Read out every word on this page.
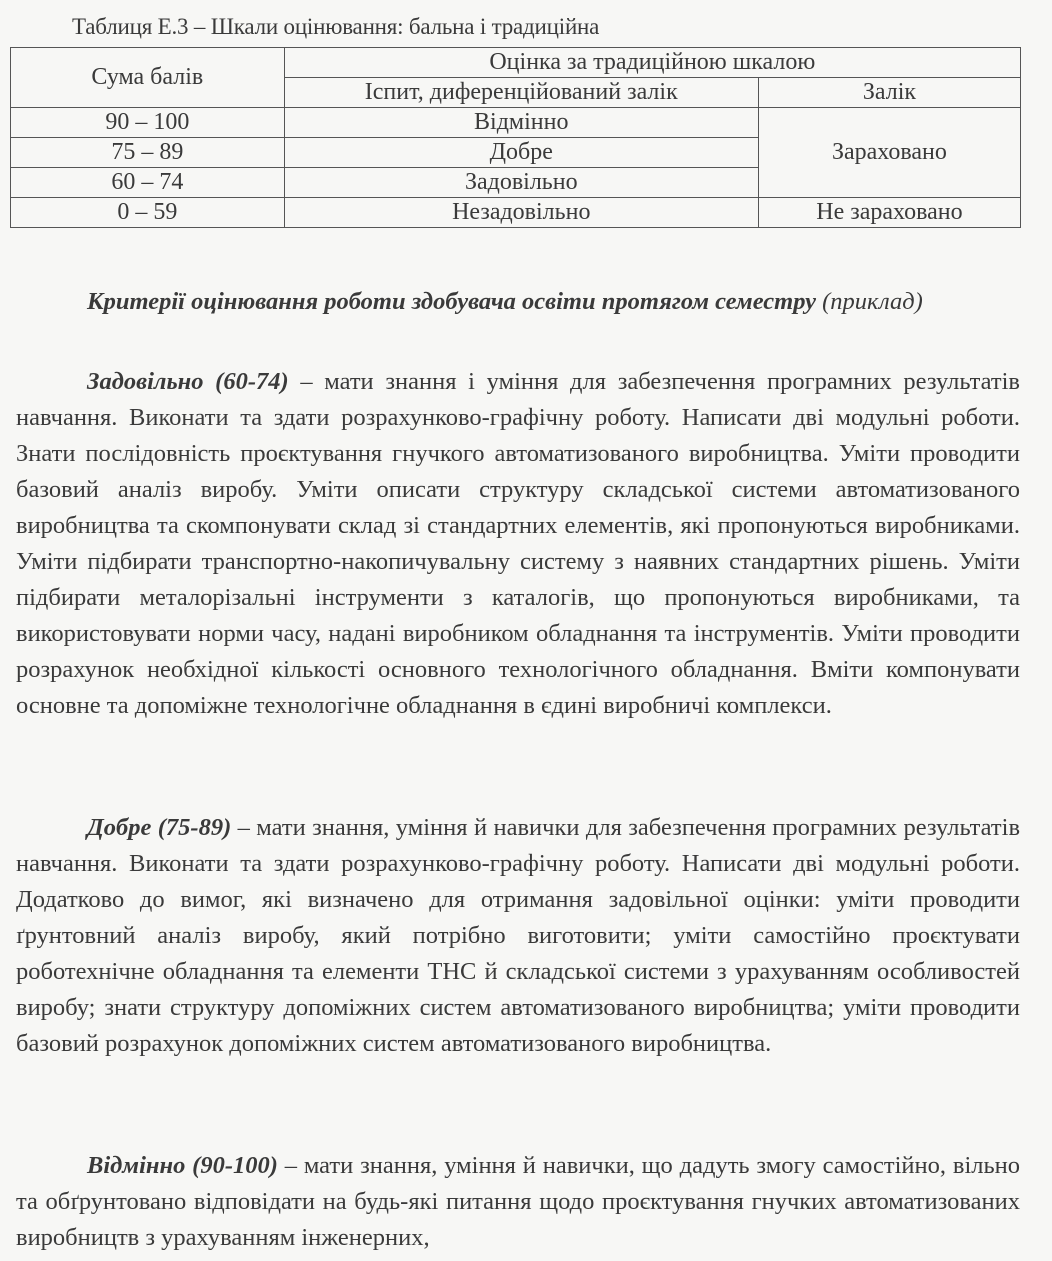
Таблиця Е.3 – Шкали оцінювання: бальна і традиційна
Сума балів	Оцінка за традиційною шкалою	
	Іспит, диференційований залік	Залік
90 – 100	Відмінно	Зараховано
75 – 89	Добре	
60 – 74	Задовільно	
0 – 59	Незадовільно	Не зараховано
Критерії оцінювання роботи здобувача освіти протягом семестру (приклад)
Задовільно (60-74) – мати знання і уміння для забезпечення програмних результатів навчання. Виконати та здати розрахунково-графічну роботу. Написати дві модульні роботи. Знати послідовність проєктування гнучкого автоматизованого виробництва. Уміти проводити базовий аналіз виробу. Уміти описати структуру складської системи автоматизованого виробництва та скомпонувати склад зі стандартних елементів, які пропонуються виробниками. Уміти підбирати транспортно-накопичувальну систему з наявних стандартних рішень. Уміти підбирати металорізальні інструменти з каталогів, що пропонуються виробниками, та використовувати норми часу, надані виробником обладнання та інструментів. Уміти проводити розрахунок необхідної кількості основного технологічного обладнання. Вміти компонувати основне та допоміжне технологічне обладнання в єдині виробничі комплекси.
Добре (75-89) – мати знання, уміння й навички для забезпечення програмних результатів навчання. Виконати та здати розрахунково-графічну роботу. Написати дві модульні роботи. Додатково до вимог, які визначено для отримання задовільної оцінки: уміти проводити ґрунтовний аналіз виробу, який потрібно виготовити; уміти самостійно проєктувати роботехнічне обладнання та елементи ТНС й складської системи з урахуванням особливостей виробу; знати структуру допоміжних систем автоматизованого виробництва; уміти проводити базовий розрахунок допоміжних систем автоматизованого виробництва.
Відмінно (90-100) – мати знання, уміння й навички, що дадуть змогу самостійно, вільно та обґрунтовано відповідати на будь-які питання щодо проєктування гнучких автоматизованих виробництв з урахуванням інженерних,
